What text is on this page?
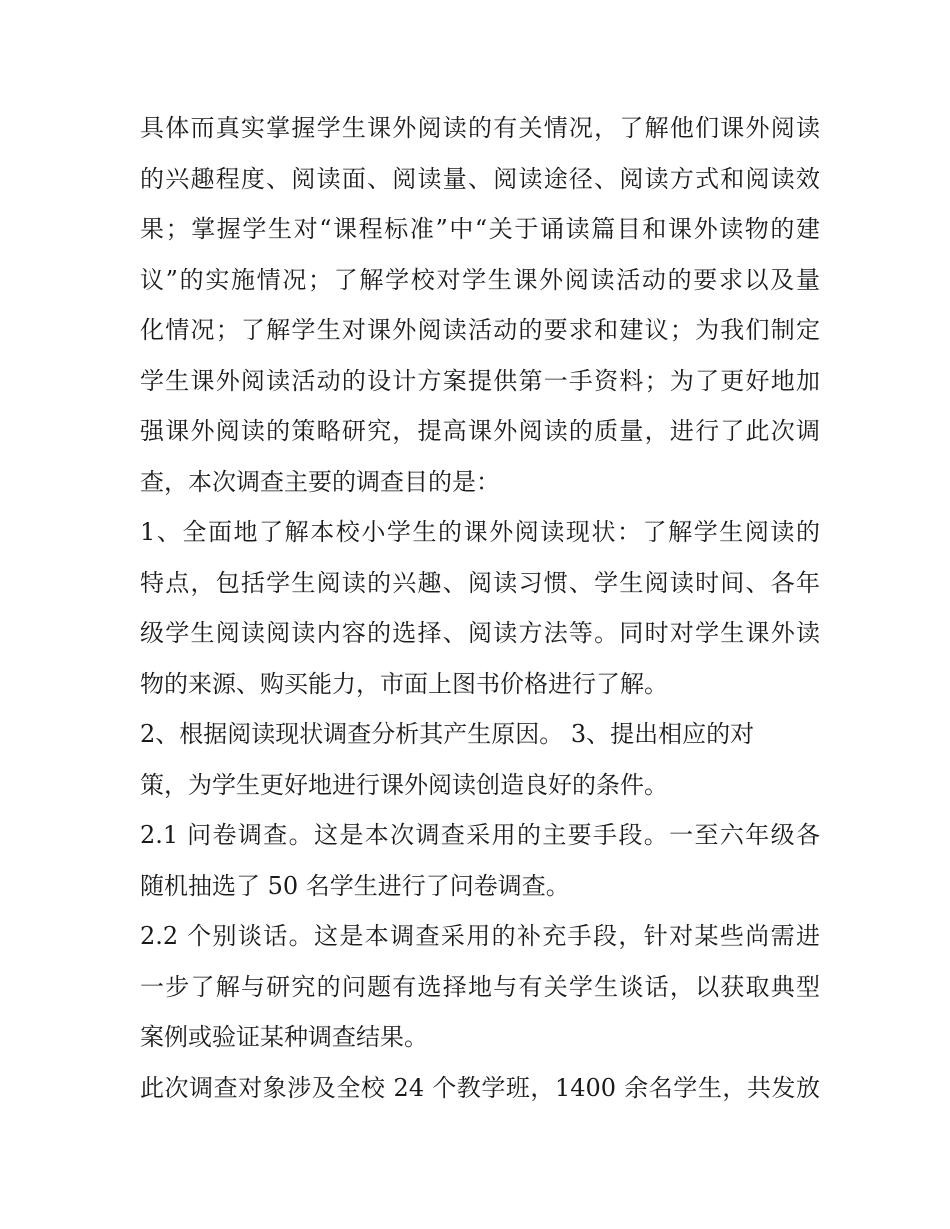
具体而真实掌握学生课外阅读的有关情况，了解他们课外阅读
的兴趣程度、阅读面、阅读量、阅读途径、阅读方式和阅读效
果；掌握学生对“课程标准”中“关于诵读篇目和课外读物的建
议”的实施情况；了解学校对学生课外阅读活动的要求以及量
化情况；了解学生对课外阅读活动的要求和建议；为我们制定
学生课外阅读活动的设计方案提供第一手资料；为了更好地加
强课外阅读的策略研究，提高课外阅读的质量，进行了此次调
查，本次调查主要的调查目的是：
1、全面地了解本校小学生的课外阅读现状：了解学生阅读的
特点，包括学生阅读的兴趣、阅读习惯、学生阅读时间、各年
级学生阅读阅读内容的选择、阅读方法等。同时对学生课外读
物的来源、购买能力，市面上图书价格进行了解。
2、根据阅读现状调查分析其产生原因。 3、提出相应的对
策，为学生更好地进行课外阅读创造良好的条件。
2.1 问卷调查。这是本次调查采用的主要手段。一至六年级各
随机抽选了 50 名学生进行了问卷调查。
2.2 个别谈话。这是本调查采用的补充手段，针对某些尚需进
一步了解与研究的问题有选择地与有关学生谈话，以获取典型
案例或验证某种调查结果。
此次调查对象涉及全校 24 个教学班，1400 余名学生，共发放
